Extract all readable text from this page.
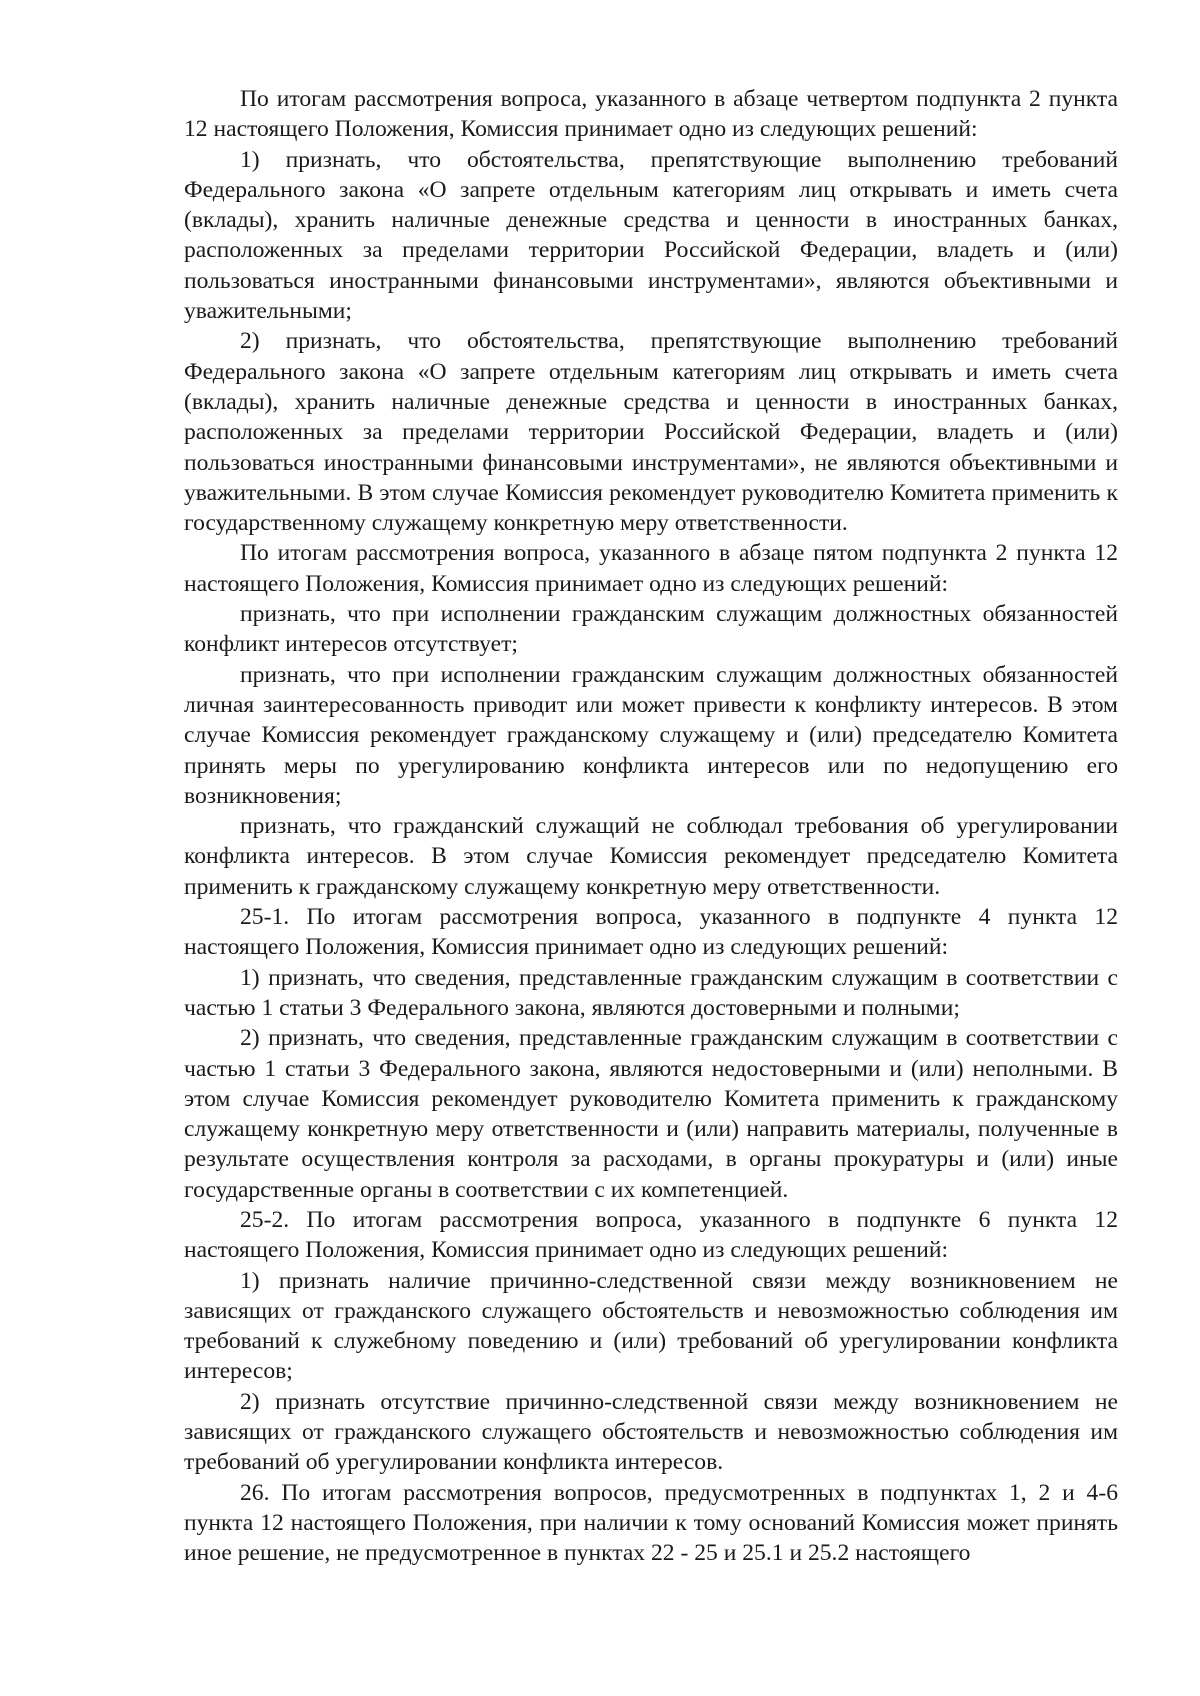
По итогам рассмотрения вопроса, указанного в абзаце четвертом подпункта 2 пункта 12 настоящего Положения, Комиссия принимает одно из следующих решений:

1) признать, что обстоятельства, препятствующие выполнению требований Федерального закона «О запрете отдельным категориям лиц открывать и иметь счета (вклады), хранить наличные денежные средства и ценности в иностранных банках, расположенных за пределами территории Российской Федерации, владеть и (или) пользоваться иностранными финансовыми инструментами», являются объективными и уважительными;

2) признать, что обстоятельства, препятствующие выполнению требований Федерального закона «О запрете отдельным категориям лиц открывать и иметь счета (вклады), хранить наличные денежные средства и ценности в иностранных банках, расположенных за пределами территории Российской Федерации, владеть и (или) пользоваться иностранными финансовыми инструментами», не являются объективными и уважительными. В этом случае Комиссия рекомендует руководителю Комитета применить к государственному служащему конкретную меру ответственности.

По итогам рассмотрения вопроса, указанного в абзаце пятом подпункта 2 пункта 12 настоящего Положения, Комиссия принимает одно из следующих решений:

признать, что при исполнении гражданским служащим должностных обязанностей конфликт интересов отсутствует;

признать, что при исполнении гражданским служащим должностных обязанностей личная заинтересованность приводит или может привести к конфликту интересов. В этом случае Комиссия рекомендует гражданскому служащему и (или) председателю Комитета принять меры по урегулированию конфликта интересов или по недопущению его возникновения;

признать, что гражданский служащий не соблюдал требования об урегулировании конфликта интересов. В этом случае Комиссия рекомендует председателю Комитета применить к гражданскому служащему конкретную меру ответственности.

25-1. По итогам рассмотрения вопроса, указанного в подпункте 4 пункта 12 настоящего Положения, Комиссия принимает одно из следующих решений:

1) признать, что сведения, представленные гражданским служащим в соответствии с частью 1 статьи 3 Федерального закона, являются достоверными и полными;

2) признать, что сведения, представленные гражданским служащим в соответствии с частью 1 статьи 3 Федерального закона, являются недостоверными и (или) неполными. В этом случае Комиссия рекомендует руководителю Комитета применить к гражданскому служащему конкретную меру ответственности и (или) направить материалы, полученные в результате осуществления контроля за расходами, в органы прокуратуры и (или) иные государственные органы в соответствии с их компетенцией.

25-2. По итогам рассмотрения вопроса, указанного в подпункте 6 пункта 12 настоящего Положения, Комиссия принимает одно из следующих решений:

1) признать наличие причинно-следственной связи между возникновением не зависящих от гражданского служащего обстоятельств и невозможностью соблюдения им требований к служебному поведению и (или) требований об урегулировании конфликта интересов;

2) признать отсутствие причинно-следственной связи между возникновением не зависящих от гражданского служащего обстоятельств и невозможностью соблюдения им требований об урегулировании конфликта интересов.

26. По итогам рассмотрения вопросов, предусмотренных в подпунктах 1, 2 и 4-6 пункта 12 настоящего Положения, при наличии к тому оснований Комиссия может принять иное решение, не предусмотренное в пунктах 22 - 25 и 25.1 и 25.2 настоящего
